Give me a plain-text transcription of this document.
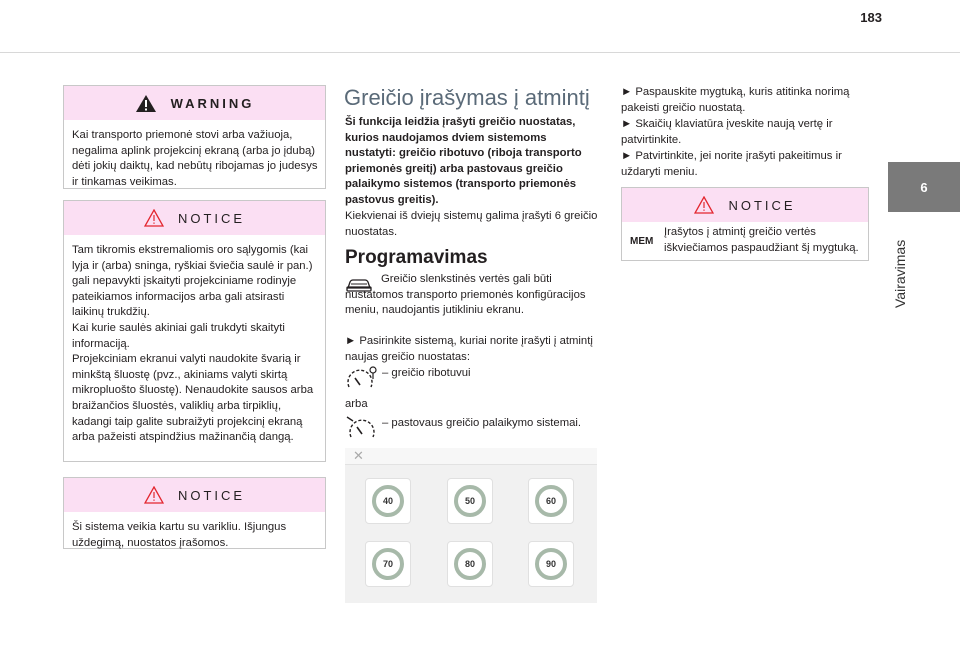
183
6
Vairavimas
WARNING
Kai transporto priemonė stovi arba važiuoja, negalima aplink projekcinį ekraną (arba jo įdubą) dėti jokių daiktų, kad nebūtų ribojamas jo judesys ir tinkamas veikimas.
NOTICE
Tam tikromis ekstremaliomis oro sąlygomis (kai lyja ir (arba) sninga, ryškiai šviečia saulė ir pan.) gali nepavykti įskaityti projekciniame rodinyje pateikiamos informacijos arba gali atsirasti laikinų trukdžių.
Kai kurie saulės akiniai gali trukdyti skaityti informaciją.
Projekciniam ekranui valyti naudokite švarią ir minkštą šluostę (pvz., akiniams valyti skirtą mikropluošto šluostę). Nenaudokite sausos arba braižančios šluostės, valiklių arba tirpiklių, kadangi taip galite subraižyti projekcinį ekraną arba pažeisti atspindžius mažinančią dangą.
NOTICE
Ši sistema veikia kartu su varikliu. Išjungus uždegimą, nuostatos įrašomos.
Greičio įrašymas į atmintį
Ši funkcija leidžia įrašyti greičio nuostatas, kurios naudojamos dviem sistemoms nustatyti: greičio ribotuvo (riboja transporto priemonės greitį) arba pastovaus greičio palaikymo sistemos (transporto priemonės pastovus greitis).
Kiekvienai iš dviejų sistemų galima įrašyti 6 greičio nuostatas.
Programavimas
Greičio slenkstinės vertės gali būti nustatomos transporto priemonės konfigūracijos meniu, naudojantis jutikliniu ekranu.
► Pasirinkite sistemą, kuriai norite įrašyti į atmintį naujas greičio nuostatas:
– greičio ribotuvui
arba
– pastovaus greičio palaikymo sistemai.
✕
40	50	60
70	80	90
► Paspauskite mygtuką, kuris atitinka norimą pakeisti greičio nuostatą.
► Skaičių klaviatūra įveskite naują vertę ir patvirtinkite.
► Patvirtinkite, jei norite įrašyti pakeitimus ir uždaryti meniu.
NOTICE
MEM
Įrašytos į atmintį greičio vertės iškviečiamos paspaudžiant šį mygtuką.
